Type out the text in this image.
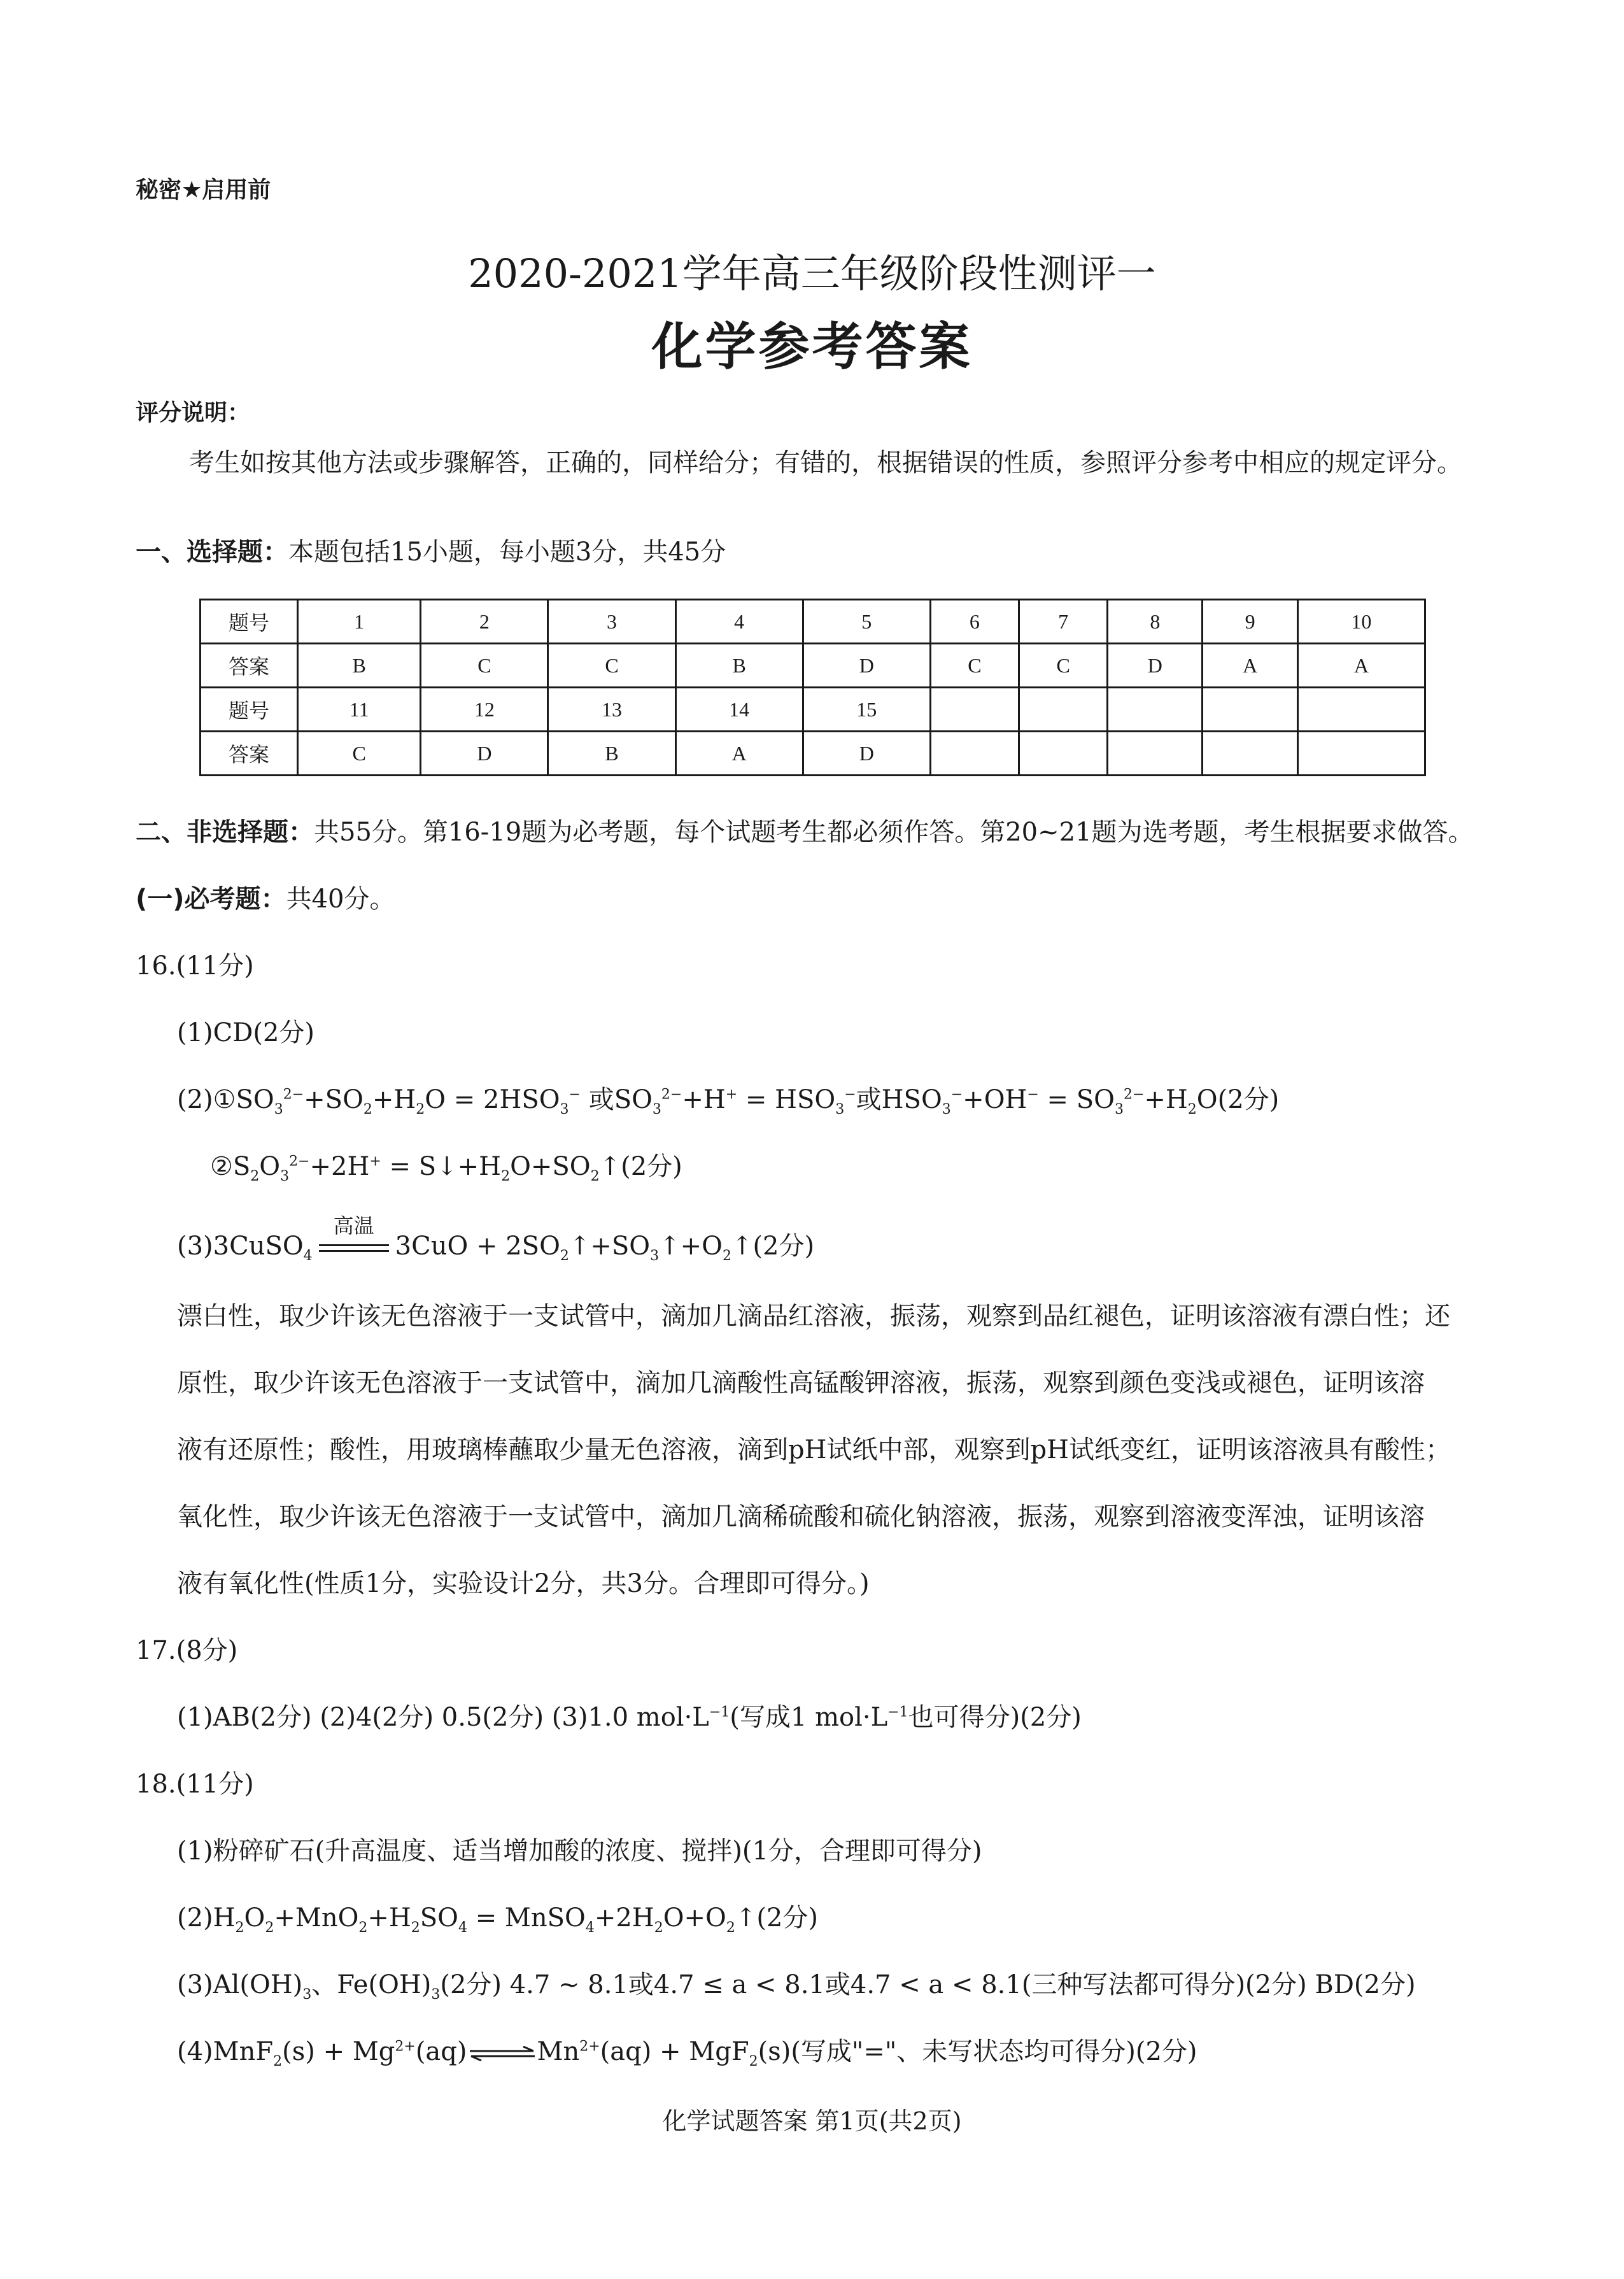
秘密★启用前
2020-2021学年高三年级阶段性测评一
化学参考答案
评分说明：
考生如按其他方法或步骤解答，正确的，同样给分；有错的，根据错误的性质，参照评分参考中相应的规定评分。
一、选择题：本题包括15小题，每小题3分，共45分
题号	1	2	3	4	5	6	7	8	9	10
答案	B	C	C	B	D	C	C	D	A	A
题号	11	12	13	14	15					
答案	C	D	B	A	D					
二、非选择题：共55分。第16-19题为必考题，每个试题考生都必须作答。第20~21题为选考题，考生根据要求做答。
(一)必考题：共40分。
16.(11分)
(1)CD(2分)
$(2)①SO_3^{2-}+SO_2+H_2O = 2HSO_3^-$ 或$SO_3^{2-}+H^+ = HSO_3^-$或$HSO_3^-+OH^- = SO_3^{2-}+H_2O(2$分)
$②S_2O_3^{2-}+2H^+$ = $S↓+H_2O+SO_2↑(2$分)
(3)3CuSO$_4$
高温
$3CuO + 2SO_2↑+SO_3↑+O_2↑(2$分)
漂白性，取少许该无色溶液于一支试管中，滴加几滴品红溶液，振荡，观察到品红褪色，证明该溶液有漂白性；还
原性，取少许该无色溶液于一支试管中，滴加几滴酸性高锰酸钾溶液，振荡，观察到颜色变浅或褪色，证明该溶
液有还原性；酸性，用玻璃棒蘸取少量无色溶液，滴到pH试纸中部，观察到pH试纸变红，证明该溶液具有酸性；
氧化性，取少许该无色溶液于一支试管中，滴加几滴稀硫酸和硫化钠溶液，振荡，观察到溶液变浑浊，证明该溶
液有氧化性(性质1分，实验设计2分，共3分。合理即可得分。)
17.(8分)
(1)AB(2分) (2)4(2分) 0.5(2分) (3)1.0 $mol\cdot L^{-1}$(写成1 $mol\cdot L^{-1}$也可得分)(2分)
18.(11分)
(1)粉碎矿石(升高温度、适当增加酸的浓度、搅拌)(1分，合理即可得分)
$(2)H_2O_2+MnO_2+H_2SO_4$ = $MnSO_4+2H_2O+O_2↑(2$分)
$(3)Al(OH)_3$、$Fe(OH)_3(2$分) 4.7 ~ 8.1或4.7 ≤ a < 8.1或4.7 < a < 8.1(三种写法都可得分)(2分) BD(2分)
$(4)MnF_2(s) + Mg^{2+}(aq)\rightleftharpoons Mn^{2+}(aq) + MgF_2(s)$(写成"="、未写状态均可得分)(2分)
化学试题答案 第1页(共2页)
